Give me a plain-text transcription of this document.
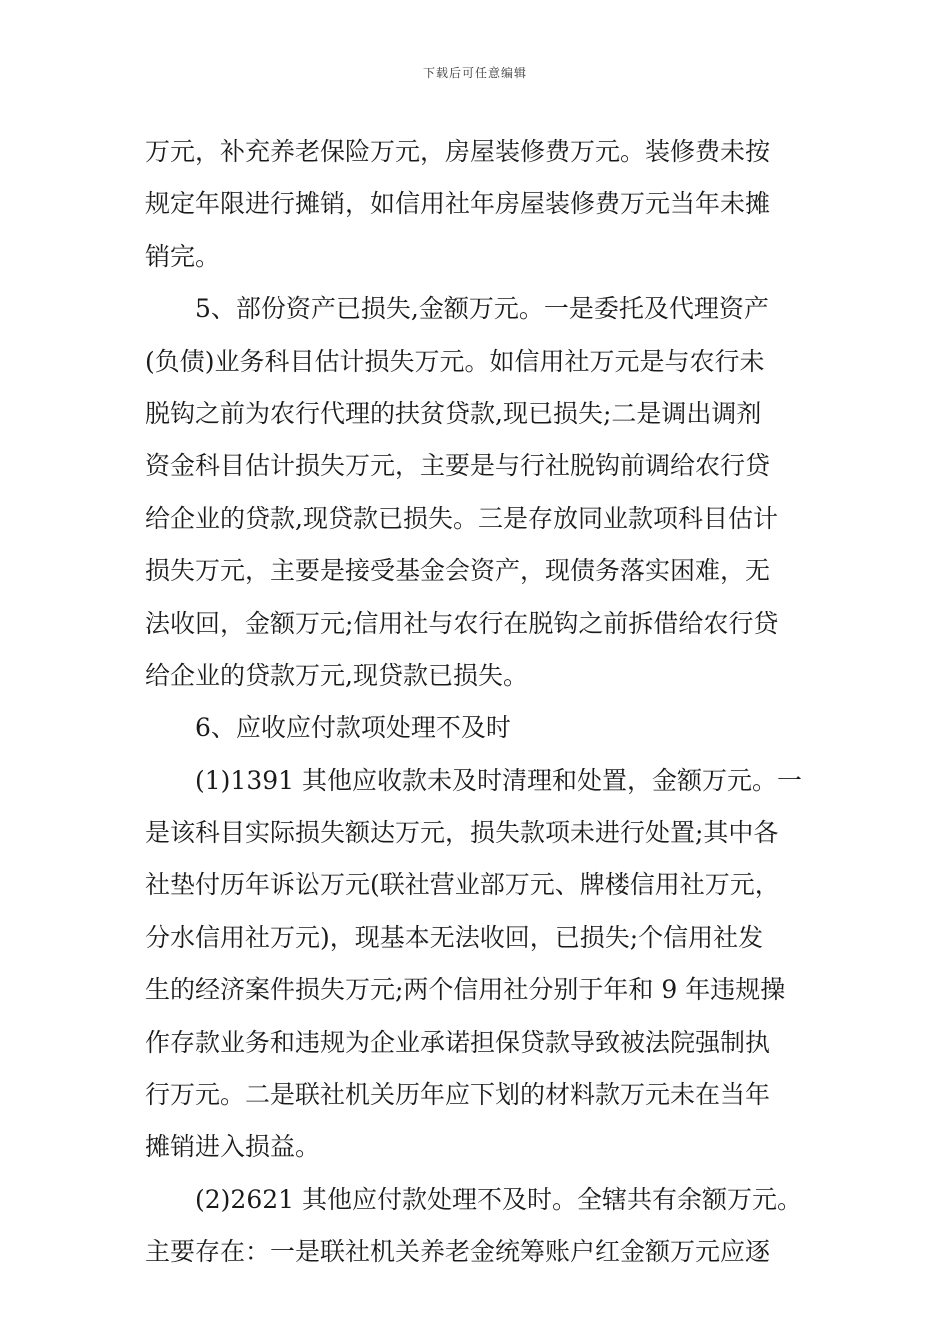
下载后可任意编辑
万元，补充养老保险万元，房屋装修费万元。装修费未按
规定年限进行摊销，如信用社年房屋装修费万元当年未摊
销完。
5、部份资产已损失,金额万元。一是委托及代理资产
(负债)业务科目估计损失万元。如信用社万元是与农行未
脱钩之前为农行代理的扶贫贷款,现已损失;二是调出调剂
资金科目估计损失万元，主要是与行社脱钩前调给农行贷
给企业的贷款,现贷款已损失。三是存放同业款项科目估计
损失万元，主要是接受基金会资产，现债务落实困难，无
法收回，金额万元;信用社与农行在脱钩之前拆借给农行贷
给企业的贷款万元,现贷款已损失。
6、应收应付款项处理不及时
(1)1391 其他应收款未及时清理和处置，金额万元。一
是该科目实际损失额达万元，损失款项未进行处置;其中各
社垫付历年诉讼万元(联社营业部万元、牌楼信用社万元，
分水信用社万元)，现基本无法收回，已损失;个信用社发
生的经济案件损失万元;两个信用社分别于年和 9 年违规操
作存款业务和违规为企业承诺担保贷款导致被法院强制执
行万元。二是联社机关历年应下划的材料款万元未在当年
摊销进入损益。
(2)2621 其他应付款处理不及时。全辖共有余额万元。
主要存在：一是联社机关养老金统筹账户红金额万元应逐
